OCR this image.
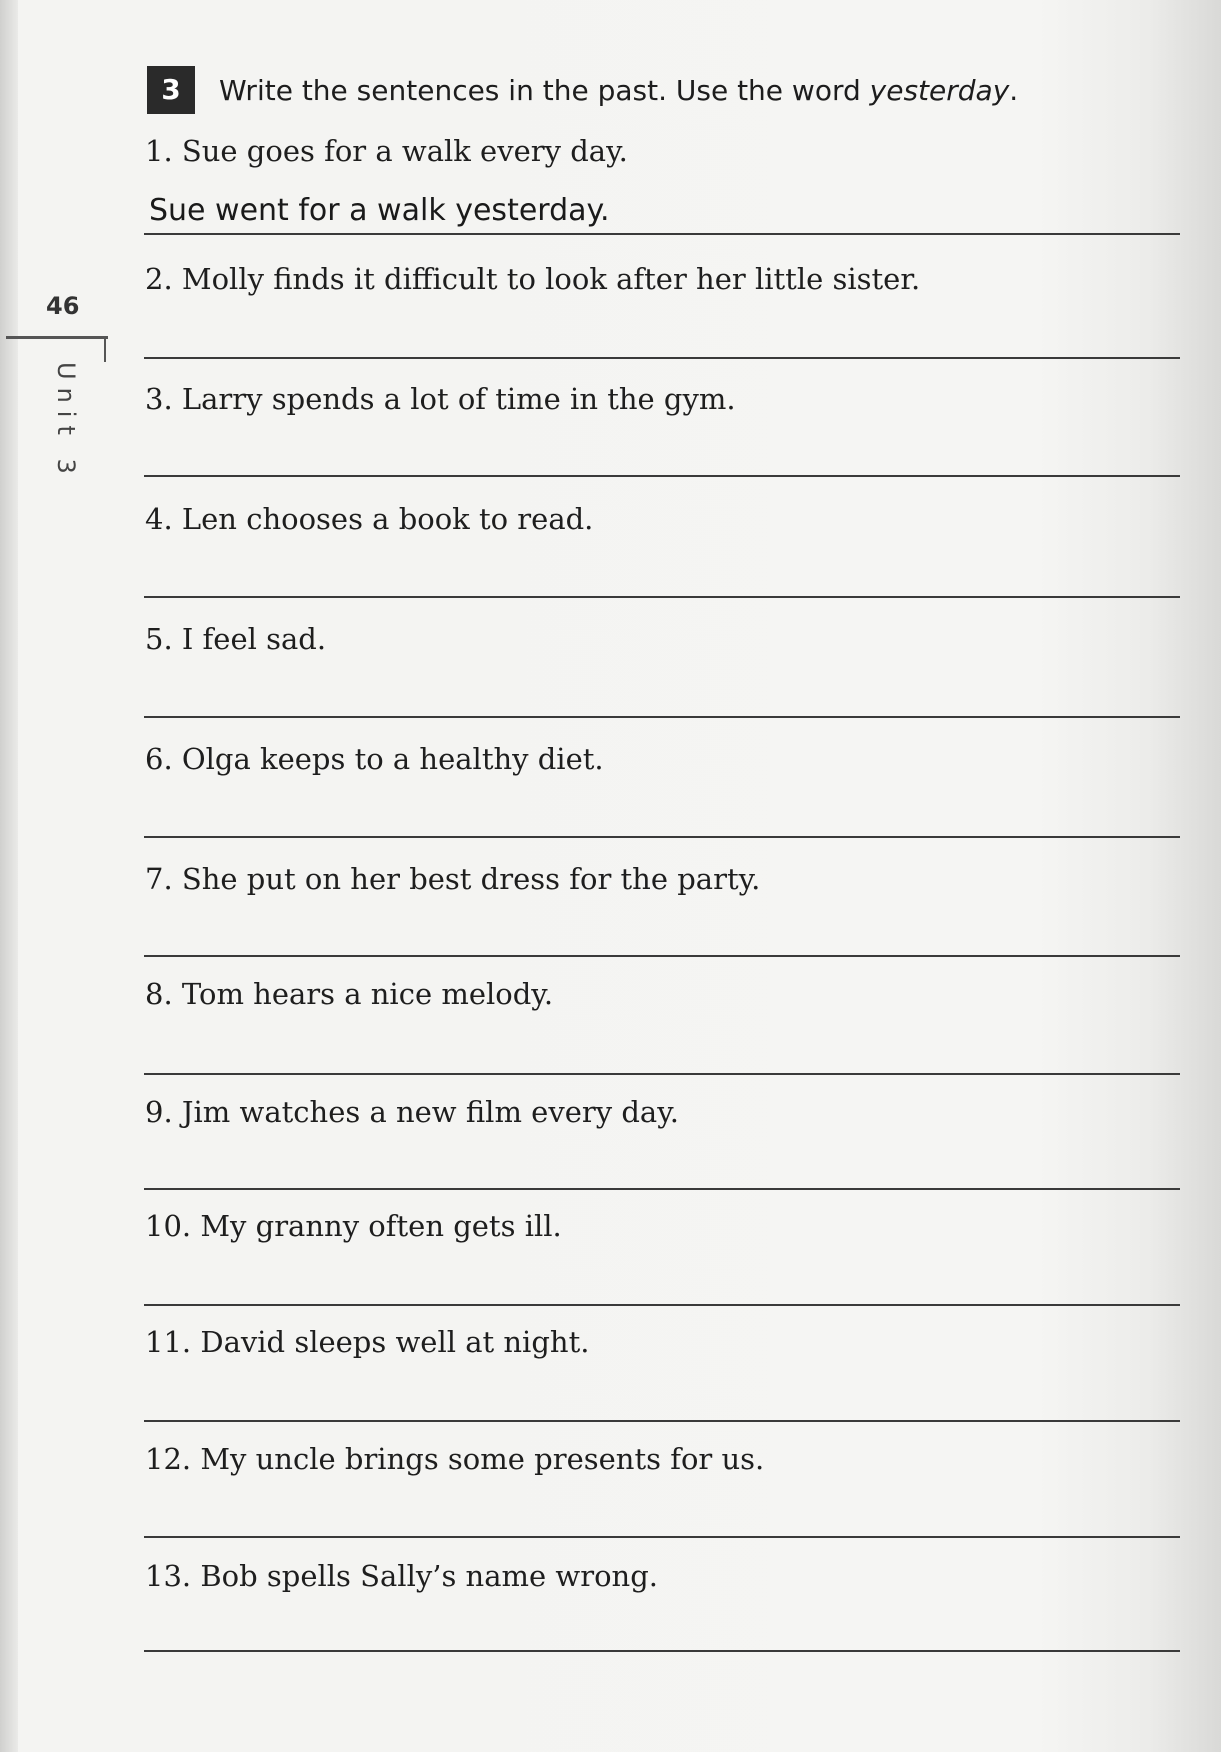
46
Unit 3
3	Write the sentences in the past. Use the word yesterday.
1. Sue goes for a walk every day.
Sue went for a walk yesterday.
2. Molly finds it difficult to look after her little sister.
3. Larry spends a lot of time in the gym.
4. Len chooses a book to read.
5. I feel sad.
6. Olga keeps to a healthy diet.
7. She put on her best dress for the party.
8. Tom hears a nice melody.
9. Jim watches a new film every day.
10. My granny often gets ill.
11. David sleeps well at night.
12. My uncle brings some presents for us.
13. Bob spells Sally’s name wrong.
